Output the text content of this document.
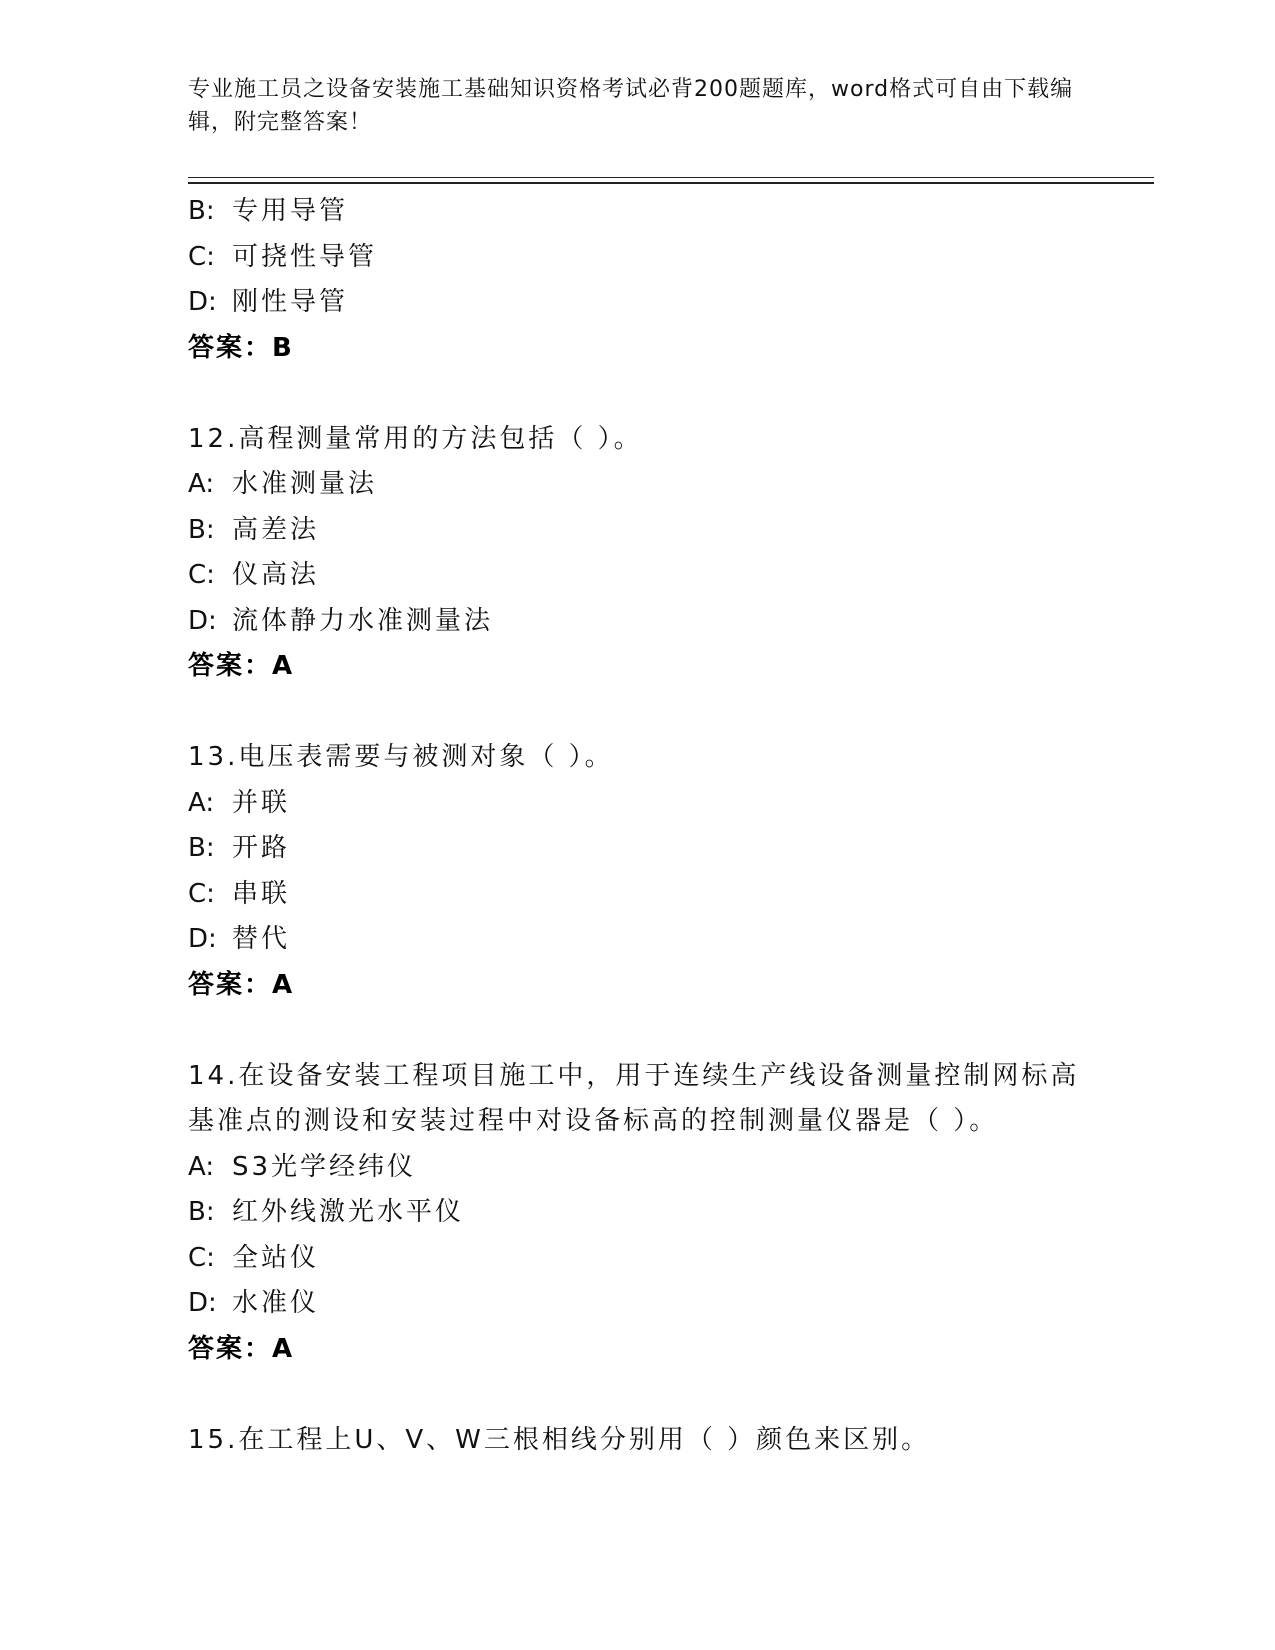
专业施工员之设备安装施工基础知识资格考试必背200题题库，word格式可自由下载编辑，附完整答案！
B: 专用导管
C: 可挠性导管
D: 刚性导管
答案：B
12.高程测量常用的方法包括（ ）。
A: 水准测量法
B: 高差法
C: 仪高法
D: 流体静力水准测量法
答案：A
13.电压表需要与被测对象（ ）。
A: 并联
B: 开路
C: 串联
D: 替代
答案：A
14.在设备安装工程项目施工中，用于连续生产线设备测量控制网标高基准点的测设和安装过程中对设备标高的控制测量仪器是（ ）。
A: S3光学经纬仪
B: 红外线激光水平仪
C: 全站仪
D: 水准仪
答案：A
15.在工程上U、V、W三根相线分别用（ ）颜色来区别。
